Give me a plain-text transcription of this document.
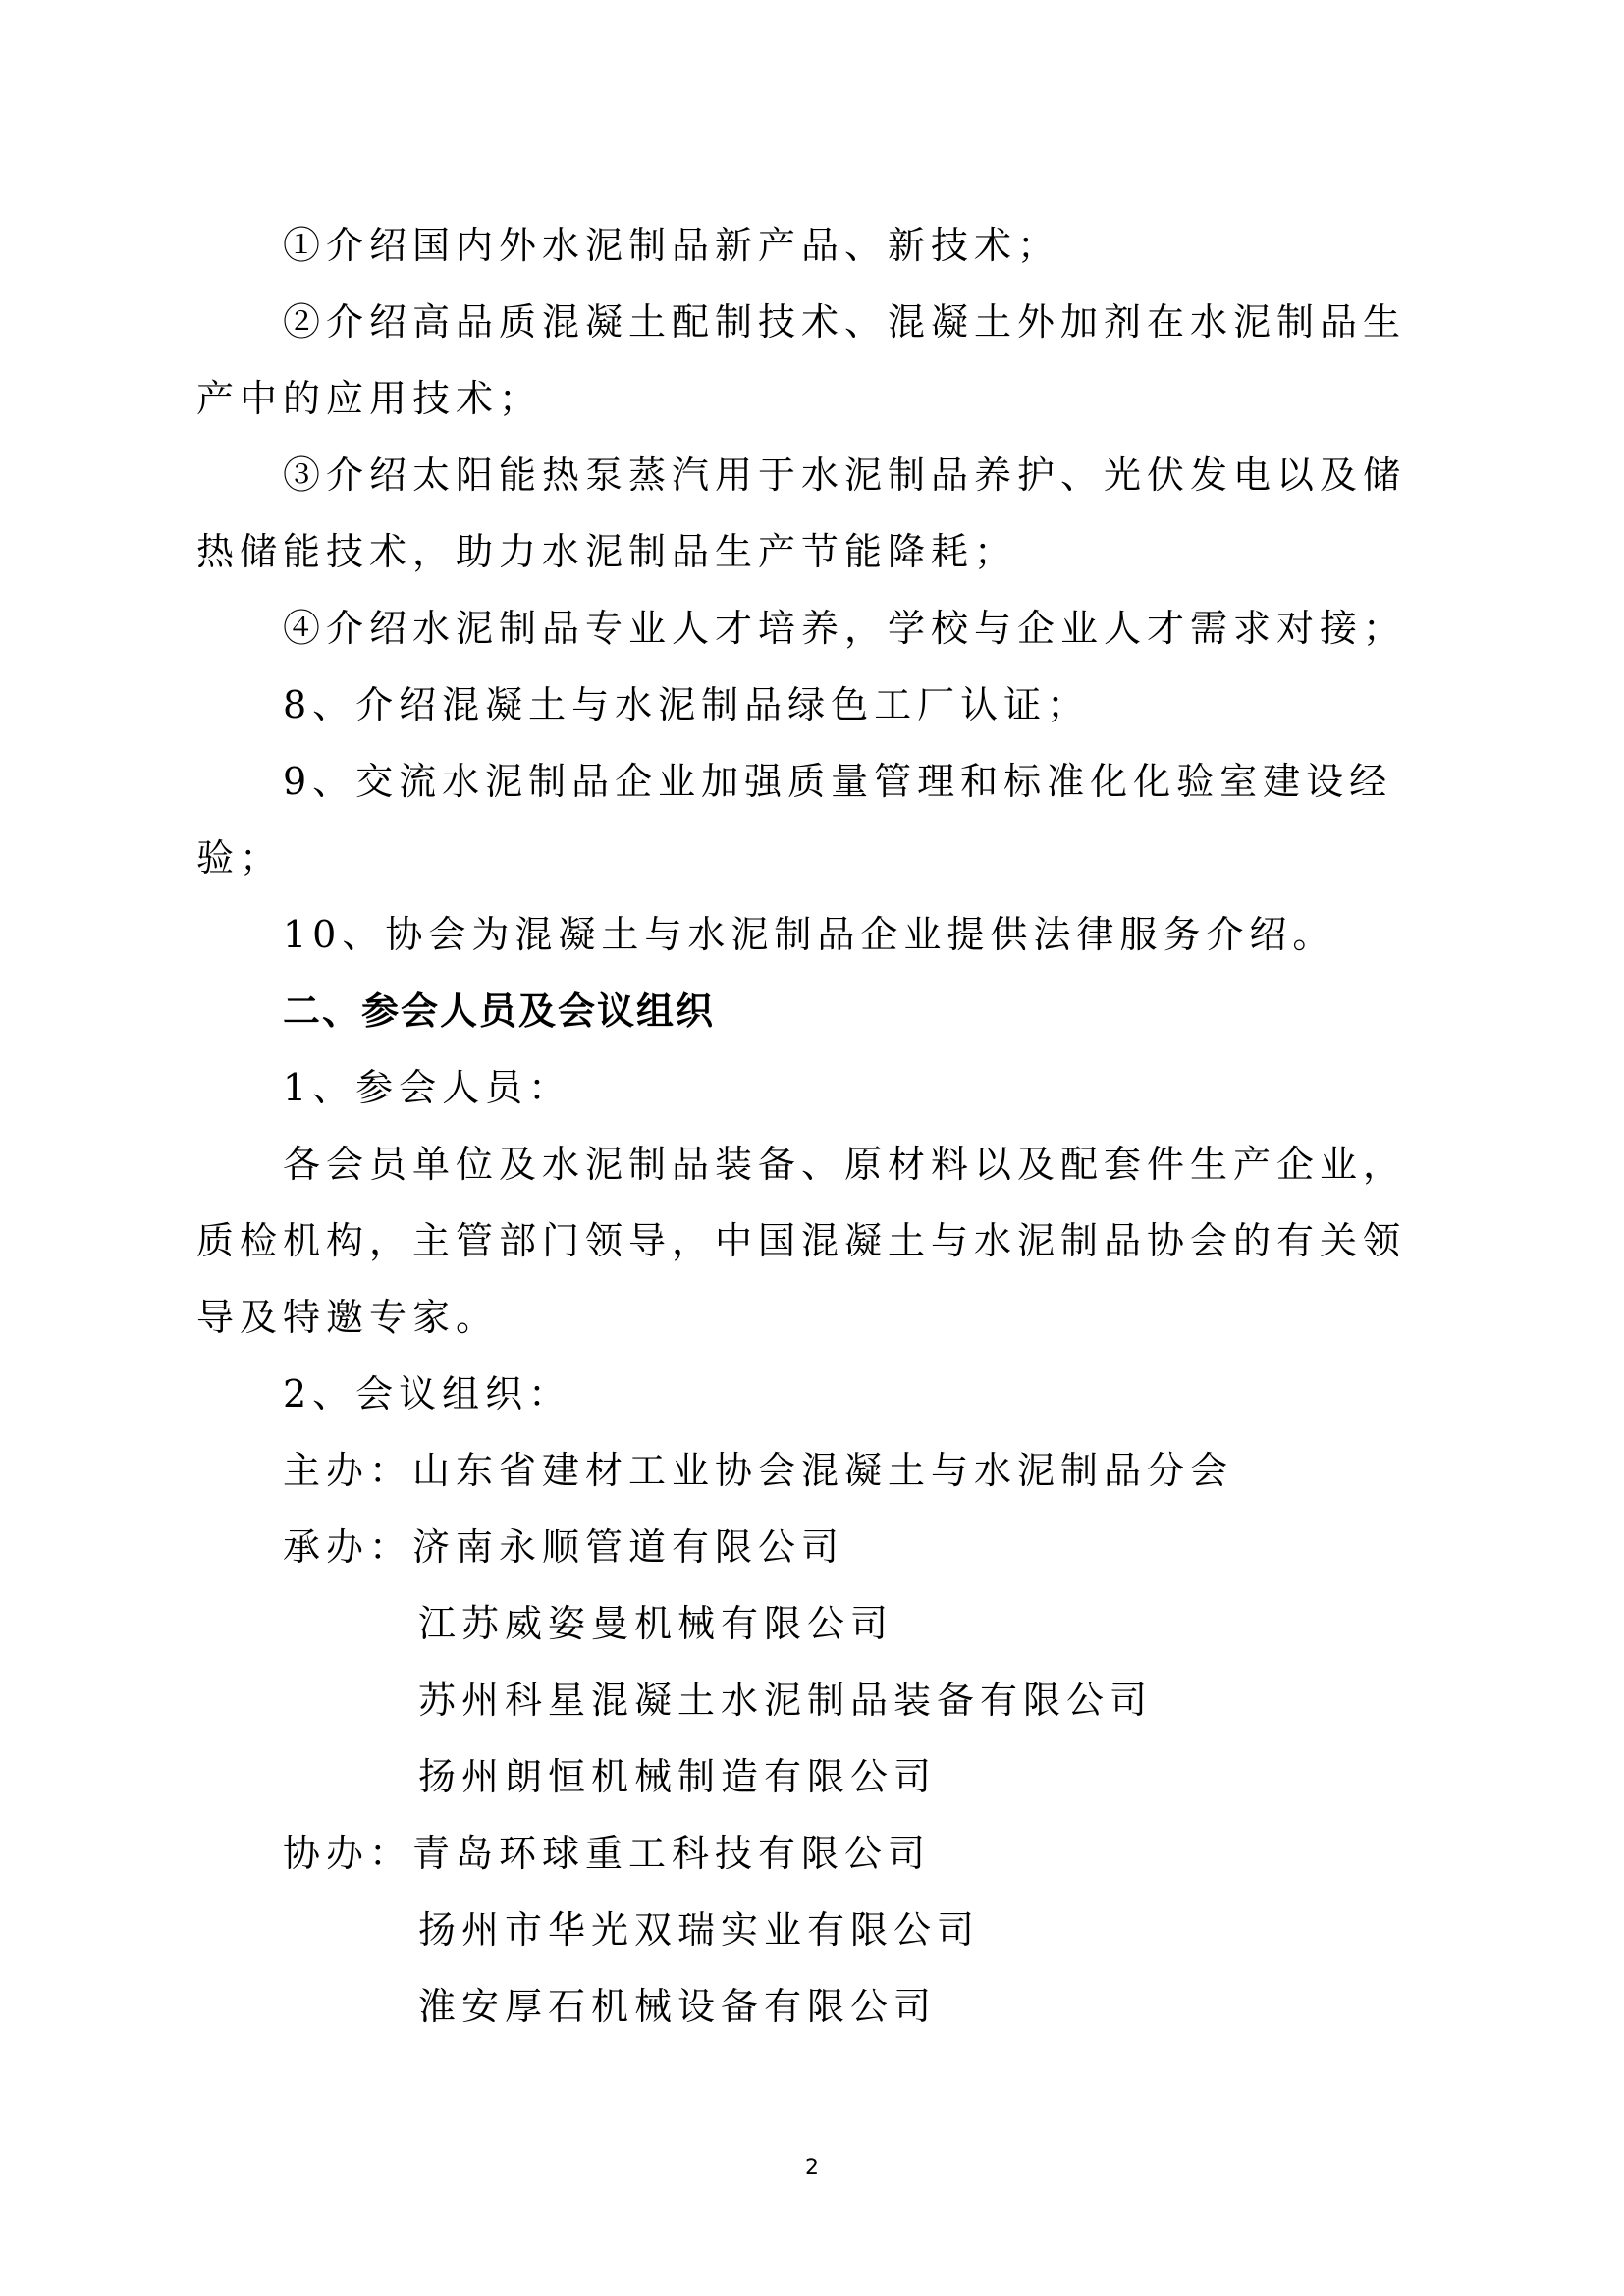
①介绍国内外水泥制品新产品、新技术；
②介绍高品质混凝土配制技术、混凝土外加剂在水泥制品生
产中的应用技术；
③介绍太阳能热泵蒸汽用于水泥制品养护、光伏发电以及储
热储能技术，助力水泥制品生产节能降耗；
④介绍水泥制品专业人才培养，学校与企业人才需求对接；
8、介绍混凝土与水泥制品绿色工厂认证；
9、交流水泥制品企业加强质量管理和标准化化验室建设经
验；
10、协会为混凝土与水泥制品企业提供法律服务介绍。
二、参会人员及会议组织
1、参会人员：
各会员单位及水泥制品装备、原材料以及配套件生产企业，
质检机构，主管部门领导，中国混凝土与水泥制品协会的有关领
导及特邀专家。
2、会议组织：
主办：山东省建材工业协会混凝土与水泥制品分会
承办：济南永顺管道有限公司
江苏威姿曼机械有限公司
苏州科星混凝土水泥制品装备有限公司
扬州朗恒机械制造有限公司
协办：青岛环球重工科技有限公司
扬州市华光双瑞实业有限公司
淮安厚石机械设备有限公司
2
